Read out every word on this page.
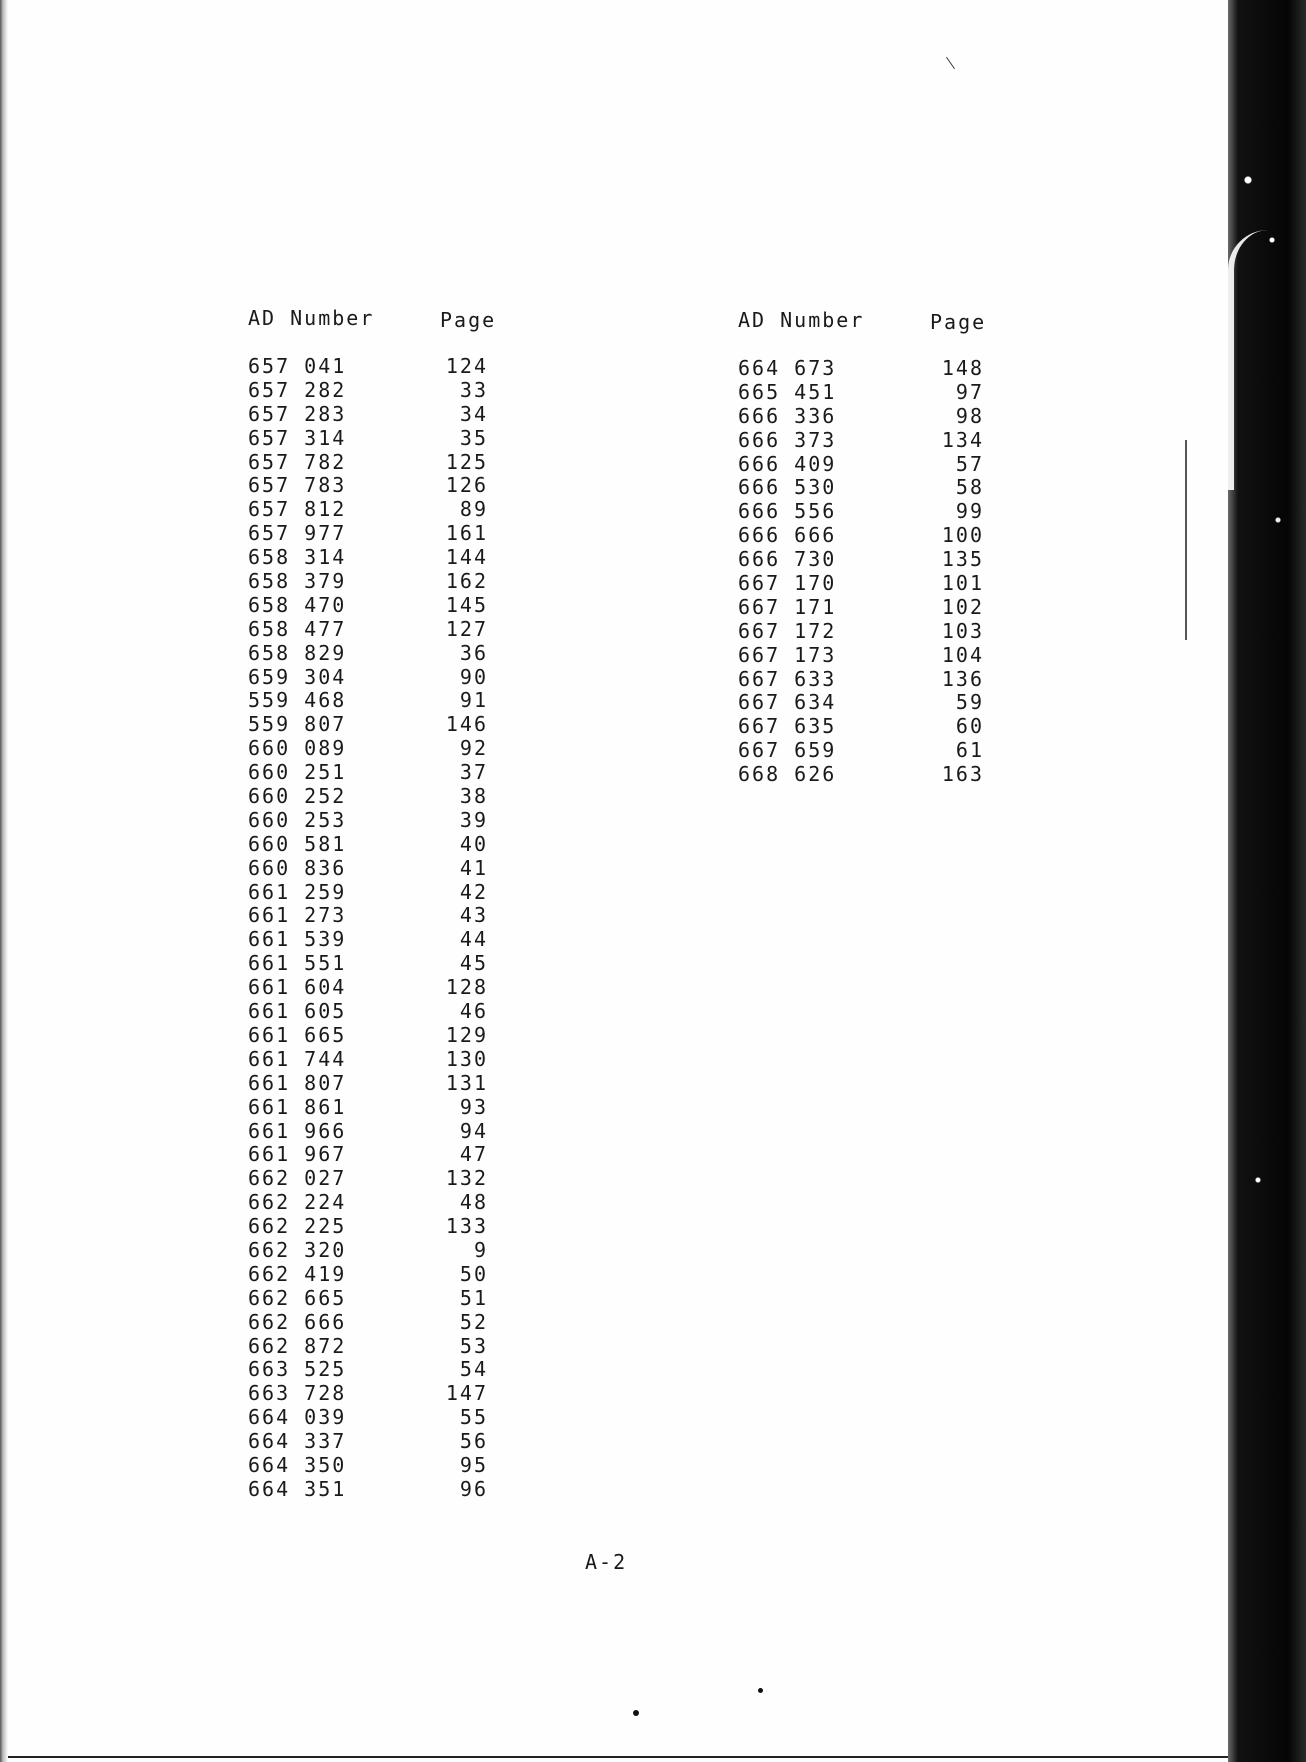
AD Number	Page
657 041	124
657 282	33
657 283	34
657 314	35
657 782	125
657 783	126
657 812	89
657 977	161
658 314	144
658 379	162
658 470	145
658 477	127
658 829	36
659 304	90
559 468	91
559 807	146
660 089	92
660 251	37
660 252	38
660 253	39
660 581	40
660 836	41
661 259	42
661 273	43
661 539	44
661 551	45
661 604	128
661 605	46
661 665	129
661 744	130
661 807	131
661 861	93
661 966	94
661 967	47
662 027	132
662 224	48
662 225	133
662 320	9
662 419	50
662 665	51
662 666	52
662 872	53
663 525	54
663 728	147
664 039	55
664 337	56
664 350	95
664 351	96
AD Number	Page
664 673	148
665 451	97
666 336	98
666 373	134
666 409	57
666 530	58
666 556	99
666 666	100
666 730	135
667 170	101
667 171	102
667 172	103
667 173	104
667 633	136
667 634	59
667 635	60
667 659	61
668 626	163
A-2
